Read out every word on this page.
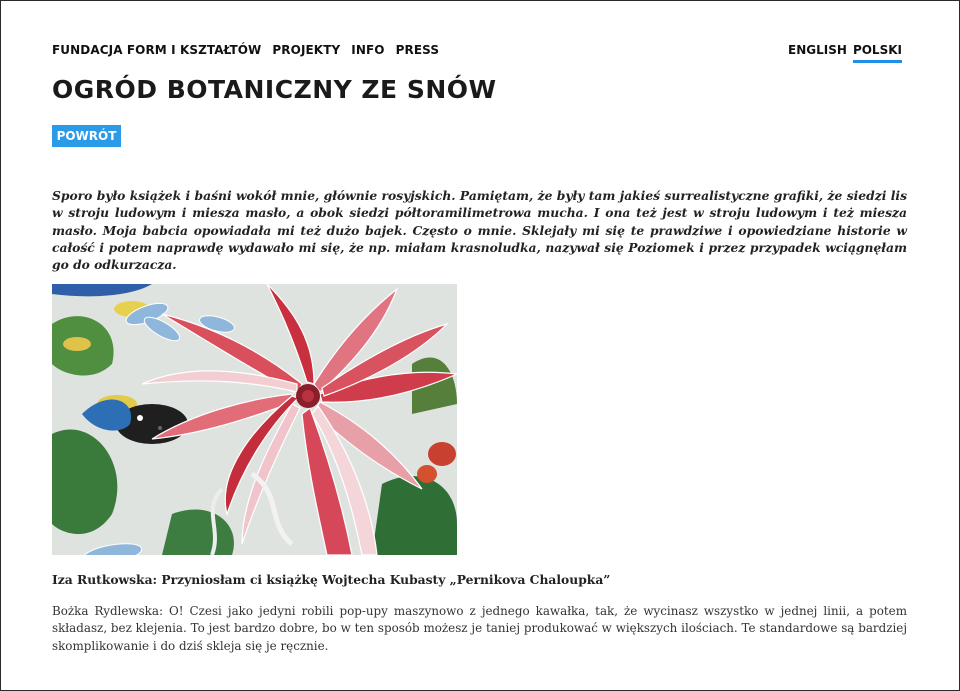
FUNDACJA FORM I KSZTAŁTÓW PROJEKTY INFO PRESS	ENGLISH POLSKI
OGRÓD BOTANICZNY ZE SNÓW
POWRÓT

Sporo było książek i baśni wokół mnie, głównie rosyjskich. Pamiętam, że były tam jakieś surrealistyczne grafiki, że siedzi lis w stroju ludowym i miesza masło, a obok siedzi półtoramilimetrowa mucha. I ona też jest w stroju ludowym i też miesza masło. Moja babcia opowiadała mi też dużo bajek. Często o mnie. Sklejały mi się te prawdziwe i opowiedziane historie w całość i potem naprawdę wydawało mi się, że np. miałam krasnoludka, nazywał się Poziomek i przez przypadek wciągnęłam go do odkurzacza.

Iza Rutkowska: Przyniosłam ci książkę Wojtecha Kubasty „Pernikova Chaloupka”

Bożka Rydlewska: O! Czesi jako jedyni robili pop-upy maszynowo z jednego kawałka, tak, że wycinasz wszystko w jednej linii, a potem składasz, bez klejenia. To jest bardzo dobre, bo w ten sposób możesz je taniej produkować w większych ilościach. Te standardowe są bardziej skomplikowanie i do dziś skleja się je ręcznie.
